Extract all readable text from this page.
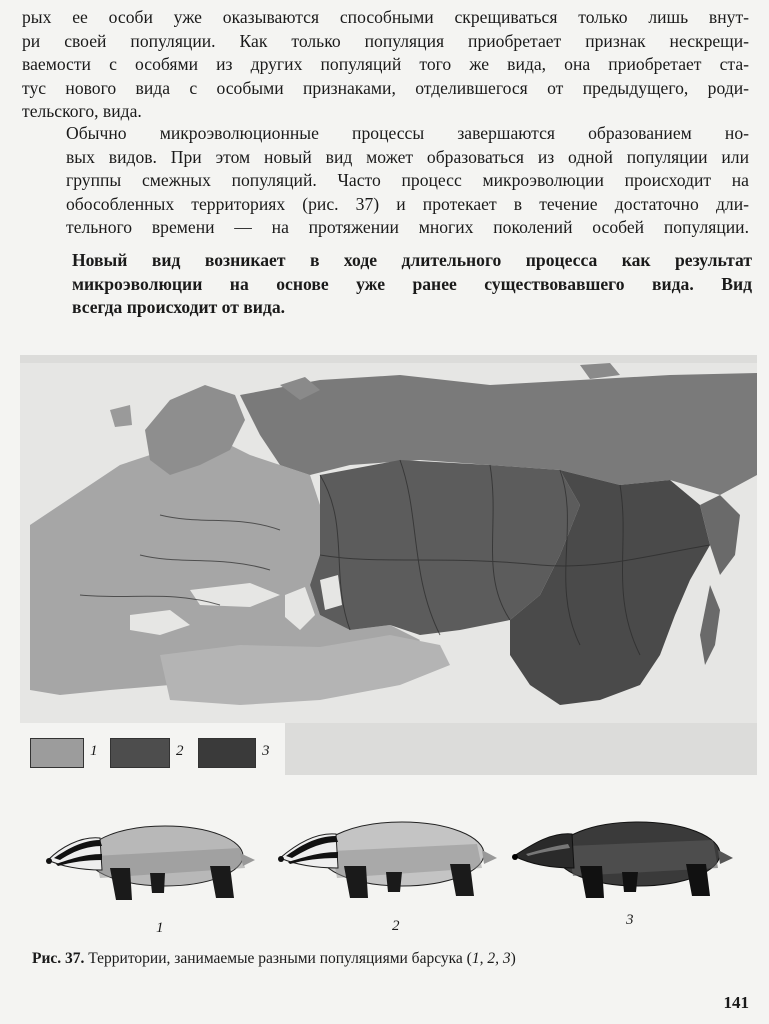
рых ее особи уже оказываются способными скрещиваться только лишь внут-
ри своей популяции. Как только популяция приобретает признак нескрещи-
ваемости с особями из других популяций того же вида, она приобретает ста-
тус нового вида с особыми признаками, отделившегося от предыдущего, роди-
тельского, вида.

Обычно микроэволюционные процессы завершаются образованием но-
вых видов. При этом новый вид может образоваться из одной популяции или
группы смежных популяций. Часто процесс микроэволюции происходит на
обособленных территориях (рис. 37) и протекает в течение достаточно дли-
тельного времени — на протяжении многих поколений особей популяции.

Новый вид возникает в ходе длительного процесса как результат
микроэволюции на основе уже ранее существовавшего вида. Вид
всегда происходит от вида.

1	2	3
1	2	3

Рис. 37. Территории, занимаемые разными популяциями барсука (1, 2, 3)

141
